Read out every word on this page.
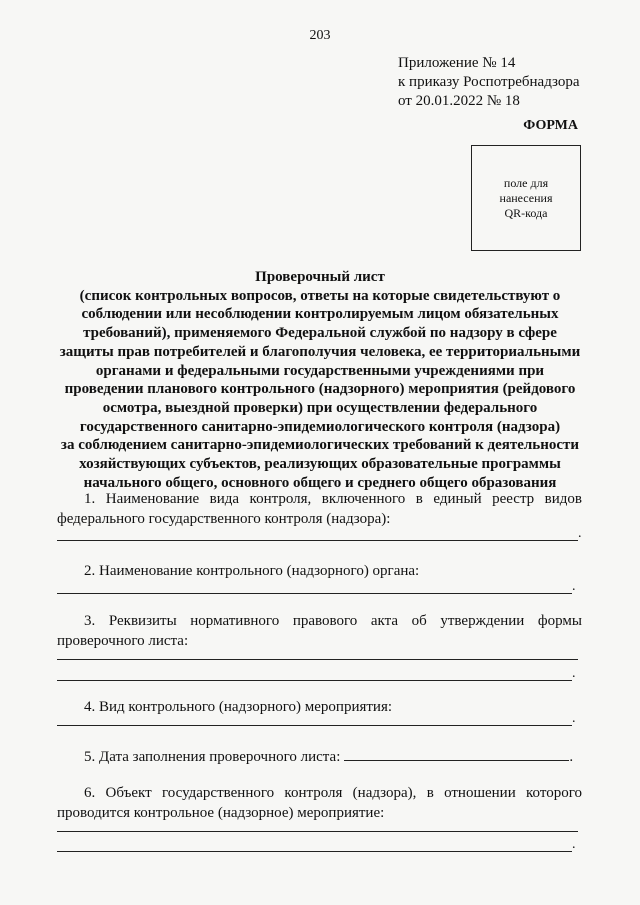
203
Приложение № 14
к приказу Роспотребнадзора
от 20.01.2022 № 18
ФОРМА
поле для
нанесения
QR-кода
Проверочный лист
(список контрольных вопросов, ответы на которые свидетельствуют о
соблюдении или несоблюдении контролируемым лицом обязательных
требований), применяемого Федеральной службой по надзору в сфере
защиты прав потребителей и благополучия человека, ее территориальными
органами и федеральными государственными учреждениями при
проведении планового контрольного (надзорного) мероприятия (рейдового
осмотра, выездной проверки) при осуществлении федерального
государственного санитарно-эпидемиологического контроля (надзора)
за соблюдением санитарно-эпидемиологических требований к деятельности
хозяйствующих субъектов, реализующих образовательные программы
начального общего, основного общего и среднего общего образования
1. Наименование вида контроля, включенного в единый реестр видов
федерального государственного контроля (надзора):
.
2. Наименование контрольного (надзорного) органа:
.
3. Реквизиты нормативного правового акта об утверждении формы
проверочного листа:
.
4. Вид контрольного (надзорного) мероприятия:
.
5. Дата заполнения проверочного листа:	.
6. Объект государственного контроля (надзора), в отношении которого
проводится контрольное (надзорное) мероприятие:
.
